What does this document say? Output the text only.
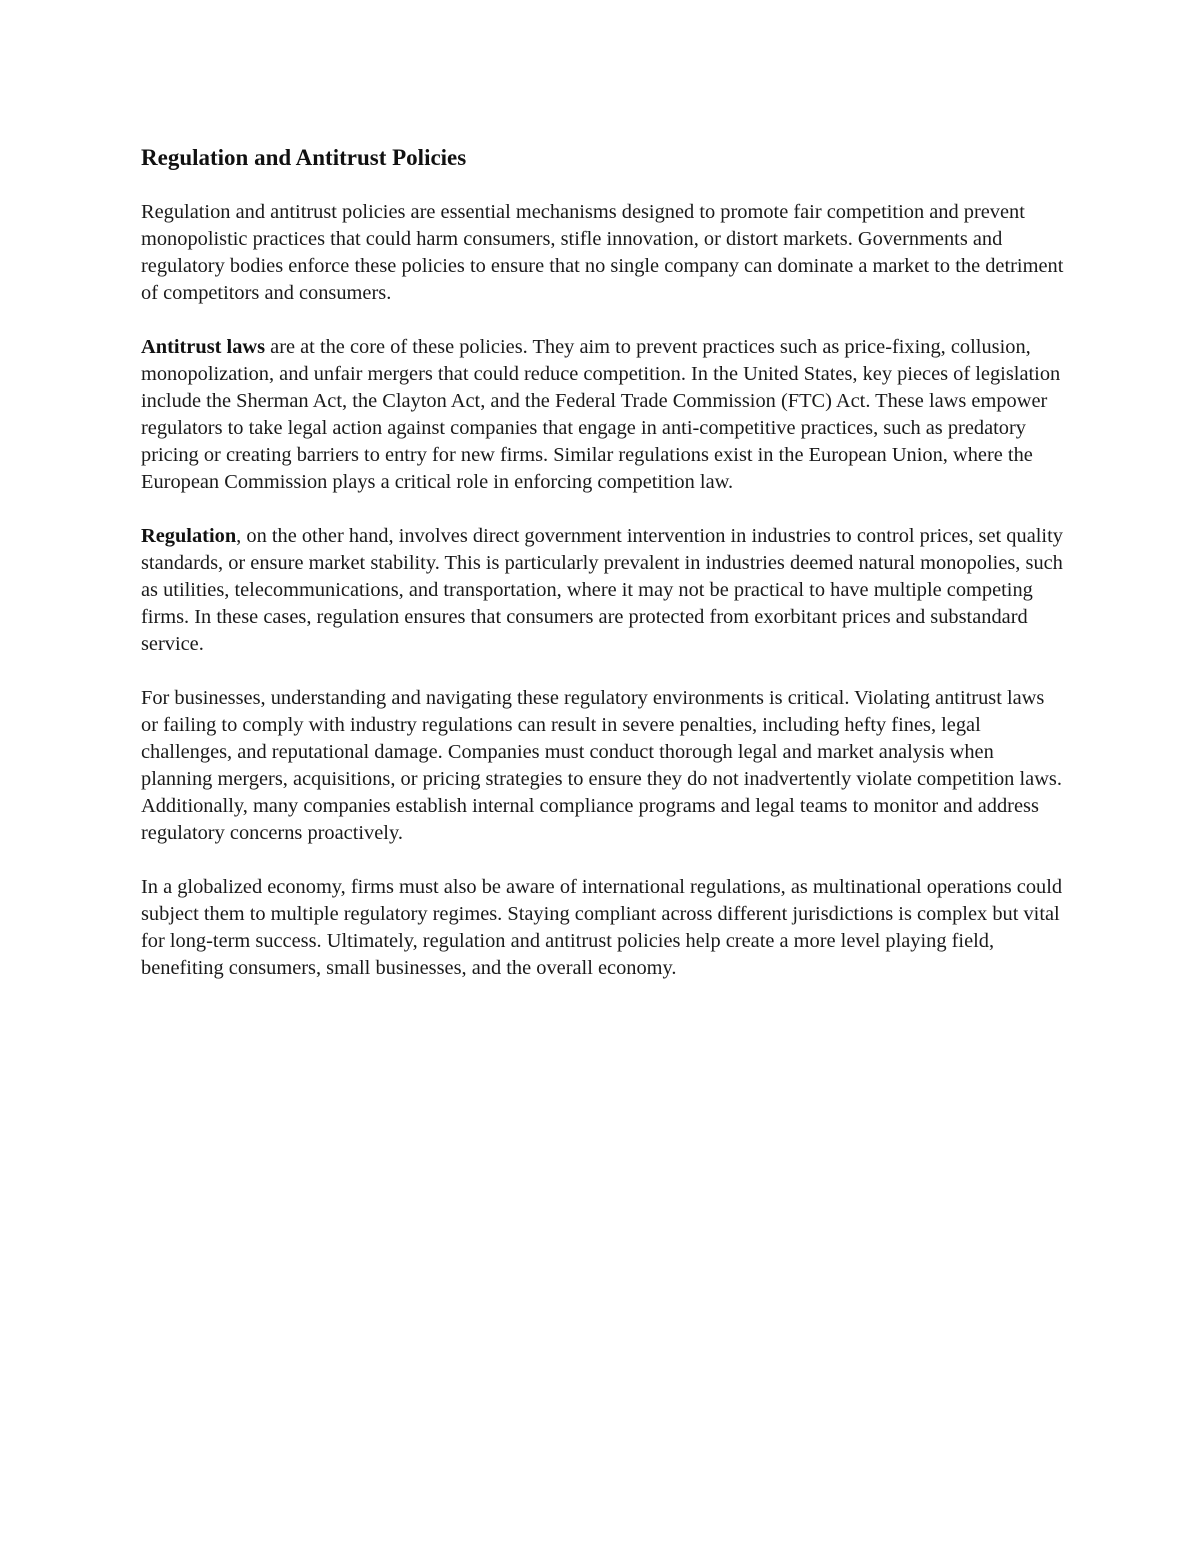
Regulation and Antitrust Policies

Regulation and antitrust policies are essential mechanisms designed to promote fair competition and prevent monopolistic practices that could harm consumers, stifle innovation, or distort markets. Governments and regulatory bodies enforce these policies to ensure that no single company can dominate a market to the detriment of competitors and consumers.

Antitrust laws are at the core of these policies. They aim to prevent practices such as price-fixing, collusion, monopolization, and unfair mergers that could reduce competition. In the United States, key pieces of legislation include the Sherman Act, the Clayton Act, and the Federal Trade Commission (FTC) Act. These laws empower regulators to take legal action against companies that engage in anti-competitive practices, such as predatory pricing or creating barriers to entry for new firms. Similar regulations exist in the European Union, where the European Commission plays a critical role in enforcing competition law.

Regulation, on the other hand, involves direct government intervention in industries to control prices, set quality standards, or ensure market stability. This is particularly prevalent in industries deemed natural monopolies, such as utilities, telecommunications, and transportation, where it may not be practical to have multiple competing firms. In these cases, regulation ensures that consumers are protected from exorbitant prices and substandard service.

For businesses, understanding and navigating these regulatory environments is critical. Violating antitrust laws or failing to comply with industry regulations can result in severe penalties, including hefty fines, legal challenges, and reputational damage. Companies must conduct thorough legal and market analysis when planning mergers, acquisitions, or pricing strategies to ensure they do not inadvertently violate competition laws. Additionally, many companies establish internal compliance programs and legal teams to monitor and address regulatory concerns proactively.

In a globalized economy, firms must also be aware of international regulations, as multinational operations could subject them to multiple regulatory regimes. Staying compliant across different jurisdictions is complex but vital for long-term success. Ultimately, regulation and antitrust policies help create a more level playing field, benefiting consumers, small businesses, and the overall economy.
